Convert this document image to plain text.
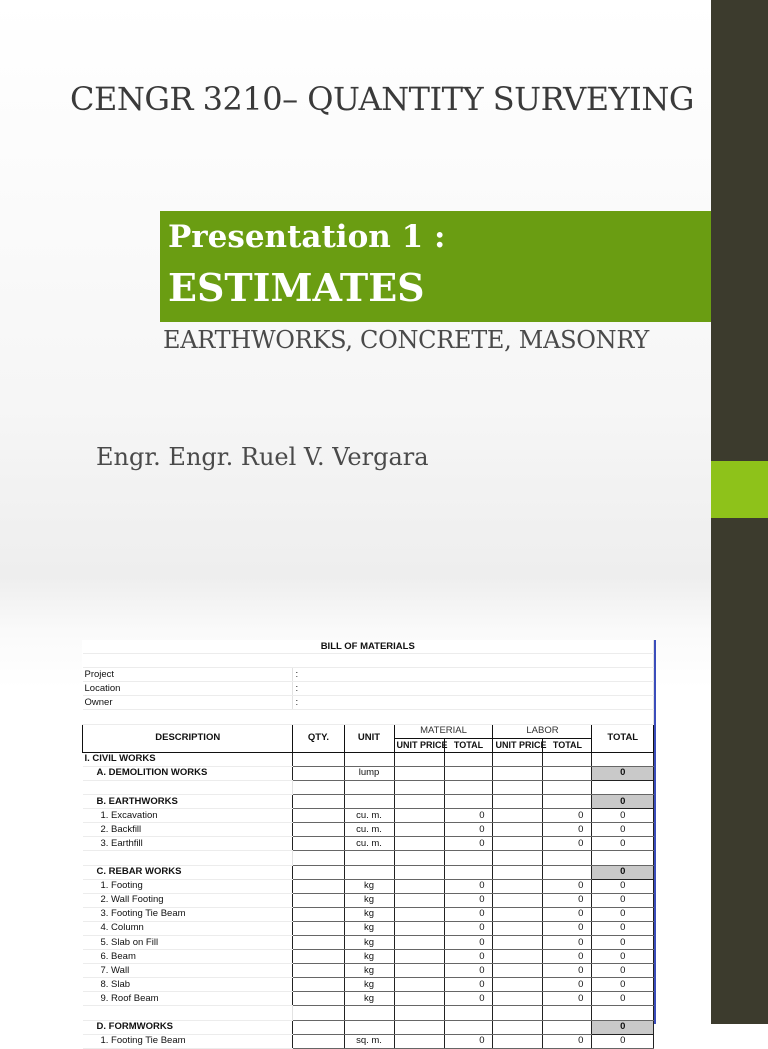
CENGR 3210– QUANTITY SURVEYING
Presentation 1 :
ESTIMATES
EARTHWORKS, CONCRETE, MASONRY
Engr. Engr. Ruel V. Vergara
BILL OF MATERIALS							

Project	:						
Location	:						
Owner	:						

DESCRIPTION	QTY.	UNIT	MATERIAL		LABOR		TOTAL
			UNIT PRICE	TOTAL	UNIT PRICE	TOTAL	
I. CIVIL WORKS							
A. DEMOLITION WORKS		lump					0

B. EARTHWORKS							0
1. Excavation		cu. m.		0		0	0
2. Backfill		cu. m.		0		0	0
3. Earthfill		cu. m.		0		0	0

C. REBAR WORKS							0
1. Footing		kg		0		0	0
2. Wall Footing		kg		0		0	0
3. Footing Tie Beam		kg		0		0	0
4. Column		kg		0		0	0
5. Slab on Fill		kg		0		0	0
6. Beam		kg		0		0	0
7. Wall		kg		0		0	0
8. Slab		kg		0		0	0
9. Roof Beam		kg		0		0	0

D. FORMWORKS							0
1. Footing Tie Beam		sq. m.		0		0	0
